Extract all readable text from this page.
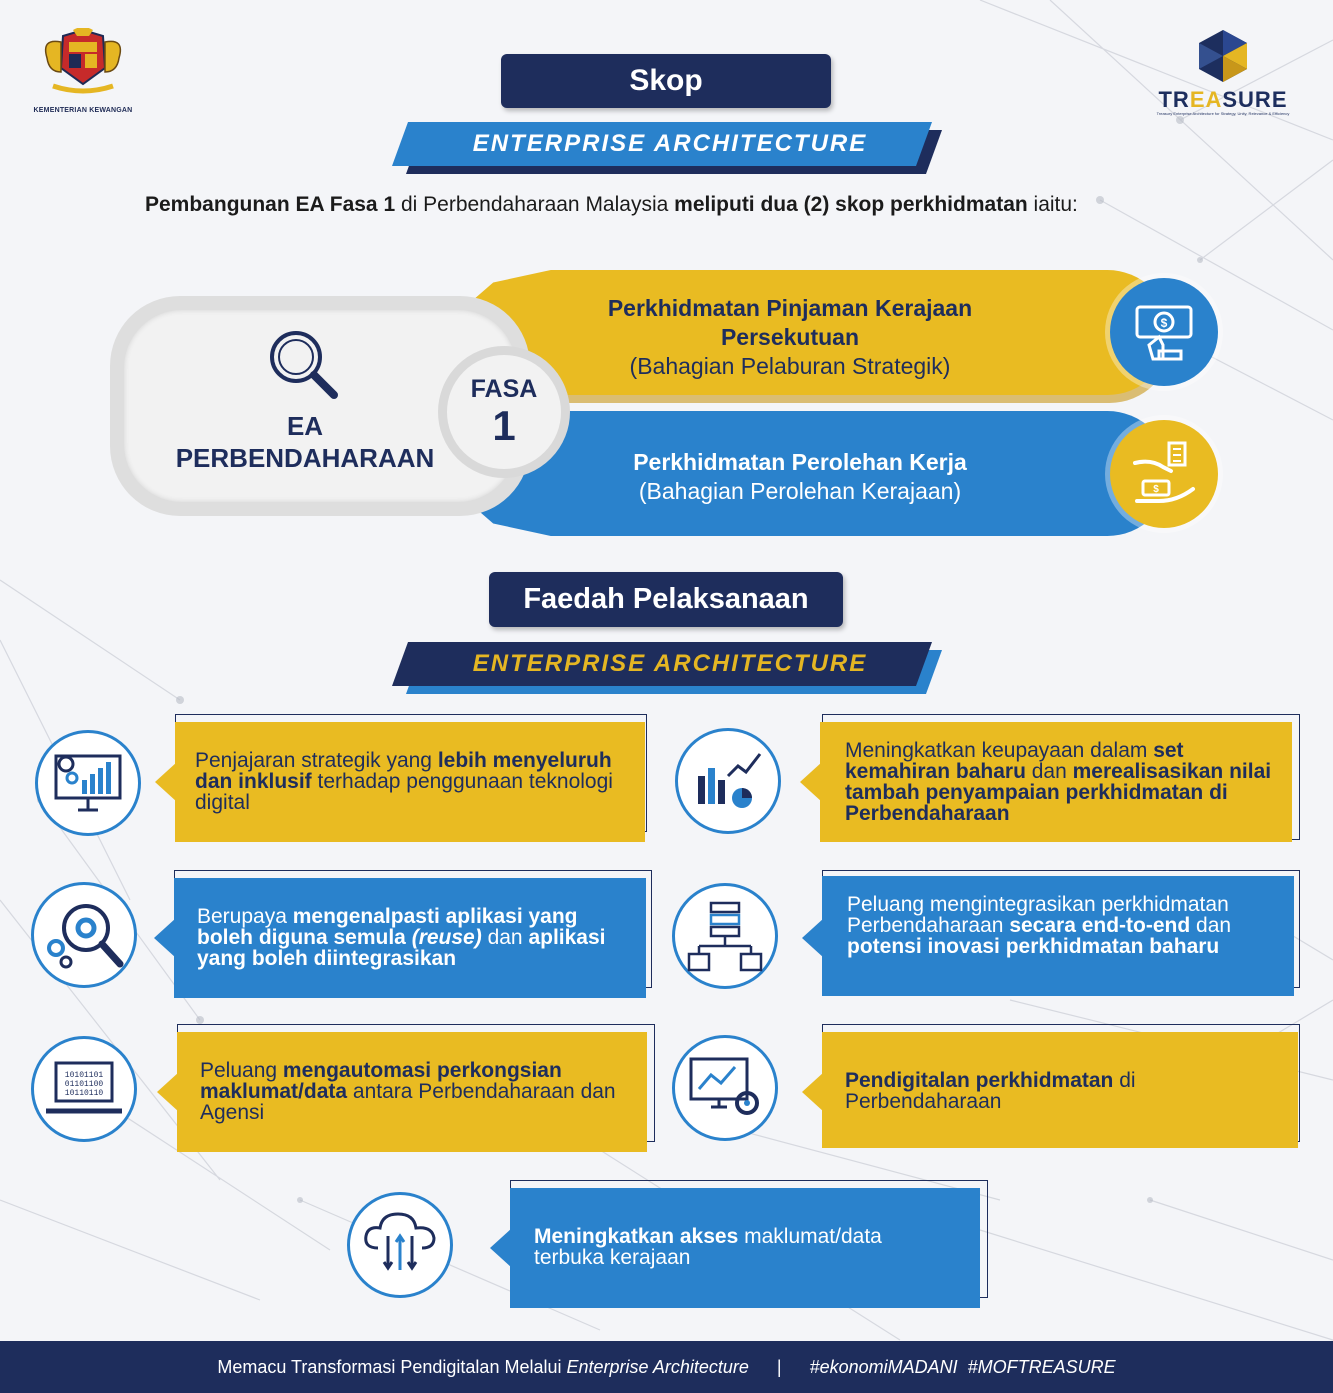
KEMENTERIAN KEWANGAN	TREASURE
Treasury Enterprise Architecture for Strategy, Unity, Relevance & Efficiency
Skop
ENTERPRISE ARCHITECTURE
Pembangunan EA Fasa 1 di Perbendaharaan Malaysia meliputi dua (2) skop perkhidmatan iaitu:
EA
PERBENDAHARAAN
FASA
1
Perkhidmatan Pinjaman Kerajaan
Persekutuan
(Bahagian Pelaburan Strategik)
Perkhidmatan Perolehan Kerja
(Bahagian Perolehan Kerajaan)
$
$
Faedah Pelaksanaan
ENTERPRISE ARCHITECTURE
10101101
01101100
10110110
Penjajaran strategik yang lebih menyeluruh dan inklusif terhadap penggunaan teknologi digital
Meningkatkan keupayaan dalam set kemahiran baharu dan merealisasikan nilai tambah penyampaian perkhidmatan di Perbendaharaan
Berupaya mengenalpasti aplikasi yang boleh diguna semula (reuse) dan aplikasi yang boleh diintegrasikan
Peluang mengintegrasikan perkhidmatan Perbendaharaan secara end-to-end dan potensi inovasi perkhidmatan baharu
Peluang mengautomasi perkongsian maklumat/data antara Perbendaharaan dan Agensi
Pendigitalan perkhidmatan di Perbendaharaan
Meningkatkan akses maklumat/data terbuka kerajaan
Memacu Transformasi Pendigitalan Melalui Enterprise Architecture | #ekonomiMADANI  #MOFTREASURE
